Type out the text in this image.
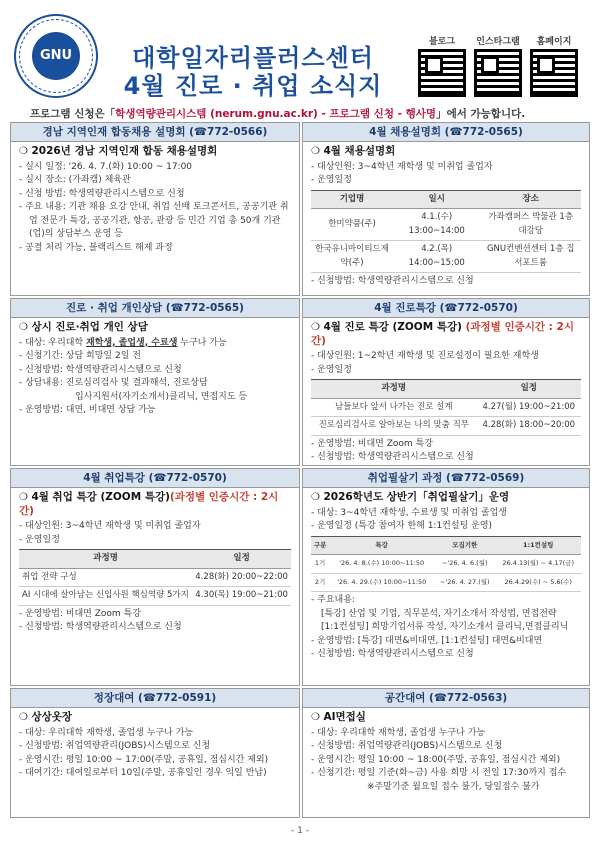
GNU	대학일자리플러스센터
4월 진로 · 취업 소식지
블로그	인스타그램	홈페이지
프로그램 신청은「학생역량관리시스템 (nerum.gnu.ac.kr) - 프로그램 신청 - 행사명」에서 가능합니다.
경남 지역인재 합동채용 설명회 (☎772-0566)
❍ 2026년 경남 지역인재 합동 채용설명회
- 실시 일정: '26. 4. 7.(화) 10:00 ~ 17:00
- 실시 장소: (가좌캠) 체육관
- 신청 방법: 학생역량관리시스템으로 신청
- 주요 내용: 기관 채용 요강 안내, 취업 선배 토크콘서트, 공공기관 취업 전문가 특강, 공공기관, 항공, 관광 등 민간 기업 총 50개 기관(업)의 상담부스 운영 등
- 공결 처리 가능, 블랙리스트 해제 과정
4월 채용설명회 (☎772-0565)
❍ 4월 채용설명회
- 대상인원: 3~4학년 재학생 및 미취업 졸업자
- 운영일정
기업명	일시	장소
한미약품(주)	4.1.(수) 13:00~14:00	가좌캠퍼스 박물관 1층 대강당
한국유니마이티드제약(주)	4.2.(목) 14:00~15:00	GNU컨벤션센터 1층 집서포트룸
- 신청방법: 학생역량관리시스템으로 신청
진로 · 취업 개인상담 (☎772-0565)
❍ 상시 진로·취업 개인 상담
- 대상: 우리대학 재학생, 졸업생, 수료생 누구나 가능
- 신청기간: 상담 희망일 2일 전
- 신청방법: 학생역량관리시스템으로 신청
- 상담내용: 진로심리검사 및 결과해석, 진로상담
입사지원서(자기소개서)클리닉, 면접지도 등
- 운영방법: 대면, 비대면 상담 가능
4월 진로특강 (☎772-0570)
❍ 4월 진로 특강 (ZOOM 특강) (과정별 인증시간 : 2시간)
- 대상인원: 1~2학년 재학생 및 진로설정이 필요한 재학생
- 운영일정
과정명	일정
남들보다 앞서 나가는 진로 설계	4.27(월) 19:00~21:00
진로심리검사로 알아보는 나의 맞춤 직무	4.28(화) 18:00~20:00
- 운영방법: 비대면 Zoom 특강
- 신청방법: 학생역량관리시스템으로 신청
4월 취업특강 (☎772-0570)
❍ 4월 취업 특강 (ZOOM 특강)(과정별 인증시간 : 2시간)
- 대상인원: 3~4학년 재학생 및 미취업 졸업자
- 운영일정
과정명	일정
취업 전략 구성	4.28(화) 20:00~22:00
AI 시대에 살아남는 신입사원 핵심역량 5가지	4.30(목) 19:00~21:00
- 운영방법: 비대면 Zoom 특강
- 신청방법: 학생역량관리시스템으로 신청
취업필살기 과정 (☎772-0569)
❍ 2026학년도 상반기「취업필살기」운영
- 대상: 3~4학년 재학생, 수료생 및 미취업 졸업생
- 운영일정 (특강 참여자 한해 1:1컨설팅 운영)
구분	특강	모집기한	1:1컨설팅
1기	'26. 4. 8.(수) 10:00~11:50	~'26. 4. 6.(월)	26.4.13(월) ~ 4.17(금)
2기	'26. 4. 29.(수) 10:00~11:50	~'26. 4. 27.(월)	26.4.29(수) ~ 5.6(수)
- 주요내용:
[특강] 산업 및 기업, 직무분석, 자기소개서 작성법, 면접전략
[1:1컨설팅] 희망기업서류 작성, 자기소개서 클리닉,면접클리닉
- 운영방법: [특강] 대면&비대면, [1:1컨설팅] 대면&비대면
- 신청방법: 학생역량관리시스템으로 신청
정장대여 (☎772-0591)
❍ 상상옷장
- 대상: 우리대학 재학생, 졸업생 누구나 가능
- 신청방법: 취업역량관리(JOBS)시스템으로 신청
- 운영시간: 평일 10:00 ~ 17:00(주말, 공휴일, 점심시간 제외)
- 대여기간: 대여일로부터 10일(주말, 공휴일인 경우 익일 반납)
공간대여 (☎772-0563)
❍ AI면접실
- 대상: 우리대학 재학생, 졸업생 누구나 가능
- 신청방법: 취업역량관리(JOBS)시스템으로 신청
- 운영시간: 평일 10:00 ~ 18:00(주말, 공휴일, 점심시간 제외)
- 신청기간: 평일 기준(화~금) 사용 희망 시 전일 17:30까지 접수
※주말기준 월요일 접수 불가, 당일접수 불가
- 1 -
